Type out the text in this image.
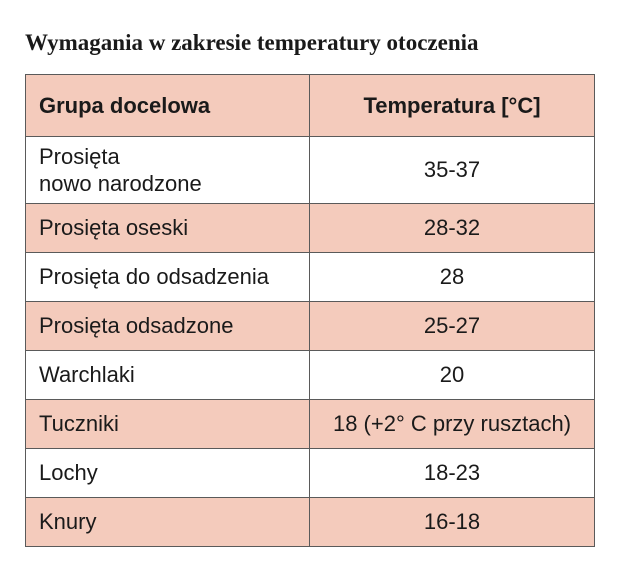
Wymagania w zakresie temperatury otoczenia
Grupa docelowa	Temperatura [°C]

Prosięta
nowo narodzone	35-37
Prosięta oseski	28-32
Prosięta do odsadzenia	28
Prosięta odsadzone	25-27
Warchlaki	20
Tuczniki	18 (+2° C przy rusztach)
Lochy	18-23
Knury	16-18
